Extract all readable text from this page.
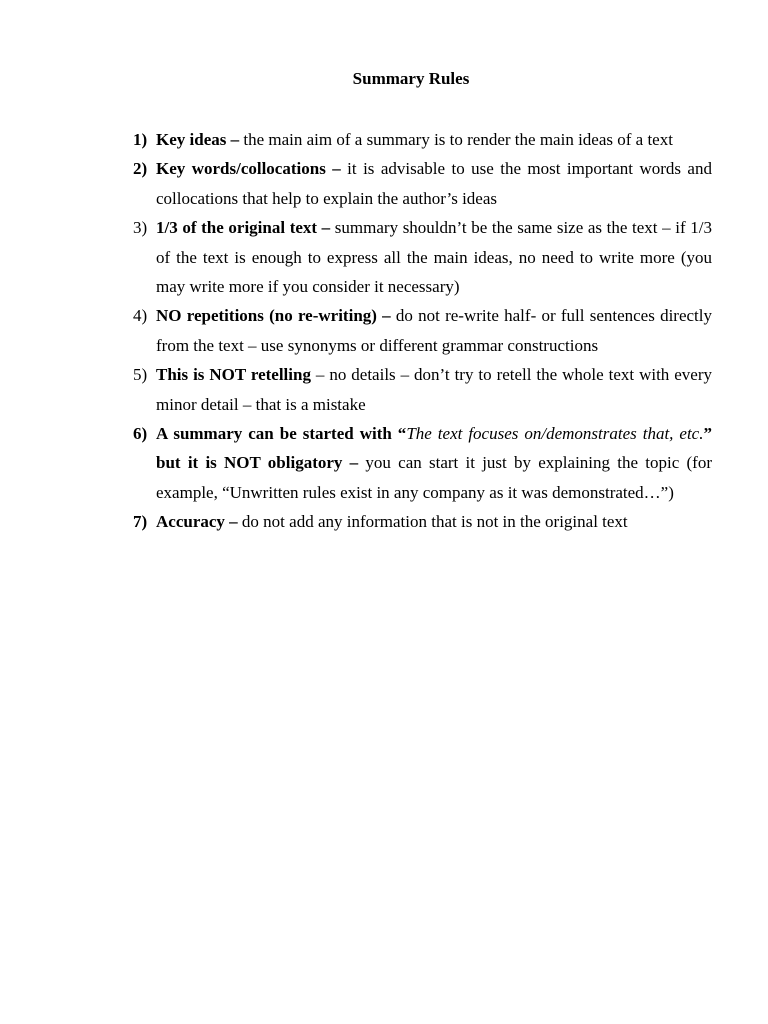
Summary Rules
1) Key ideas – the main aim of a summary is to render the main ideas of a text
2) Key words/collocations – it is advisable to use the most important words and collocations that help to explain the author’s ideas
3) 1/3 of the original text – summary shouldn’t be the same size as the text – if 1/3 of the text is enough to express all the main ideas, no need to write more (you may write more if you consider it necessary)
4) NO repetitions (no re-writing) – do not re-write half- or full sentences directly from the text – use synonyms or different grammar constructions
5) This is NOT retelling – no details – don’t try to retell the whole text with every minor detail – that is a mistake
6) A summary can be started with “The text focuses on/demonstrates that, etc.” but it is NOT obligatory – you can start it just by explaining the topic (for example, “Unwritten rules exist in any company as it was demonstrated…”)
7) Accuracy – do not add any information that is not in the original text
